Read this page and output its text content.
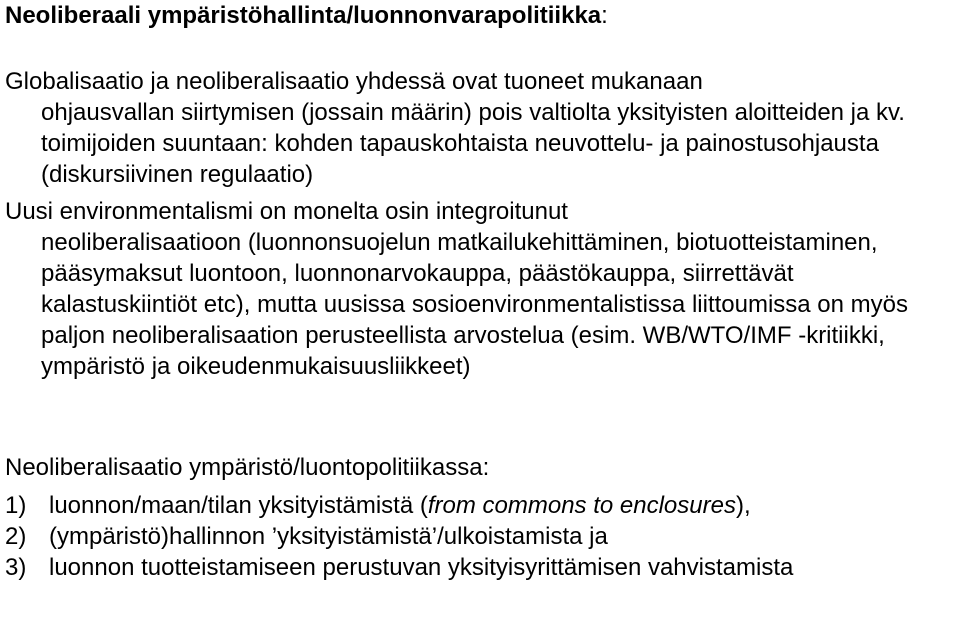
Neoliberaali ympäristöhallinta/luonnonvarapolitiikka:

Globalisaatio ja neoliberalisaatio yhdessä ovat tuoneet mukanaan
ohjausvallan siirtymisen (jossain määrin) pois valtiolta yksityisten aloitteiden ja kv. toimijoiden suuntaan: kohden tapauskohtaista neuvottelu- ja painostusohjausta (diskursiivinen regulaatio)

Uusi environmentalismi on monelta osin integroitunut
neoliberalisaatioon (luonnonsuojelun matkailukehittäminen, biotuotteistaminen, pääsymaksut luontoon, luonnonarvokauppa, päästökauppa, siirrettävät kalastuskiintiöt etc), mutta uusissa sosioenvironmentalistissa liittoumissa on myös paljon neoliberalisaation perusteellista arvostelua (esim. WB/WTO/IMF -kritiikki, ympäristö ja oikeudenmukaisuusliikkeet)

Neoliberalisaatio ympäristö/luontopolitiikassa:
1) luonnon/maan/tilan yksityistämistä (from commons to enclosures),
2) (ympäristö)hallinnon ’yksityistämistä’/ulkoistamista ja
3) luonnon tuotteistamiseen perustuvan yksityisyrittämisen vahvistamista
